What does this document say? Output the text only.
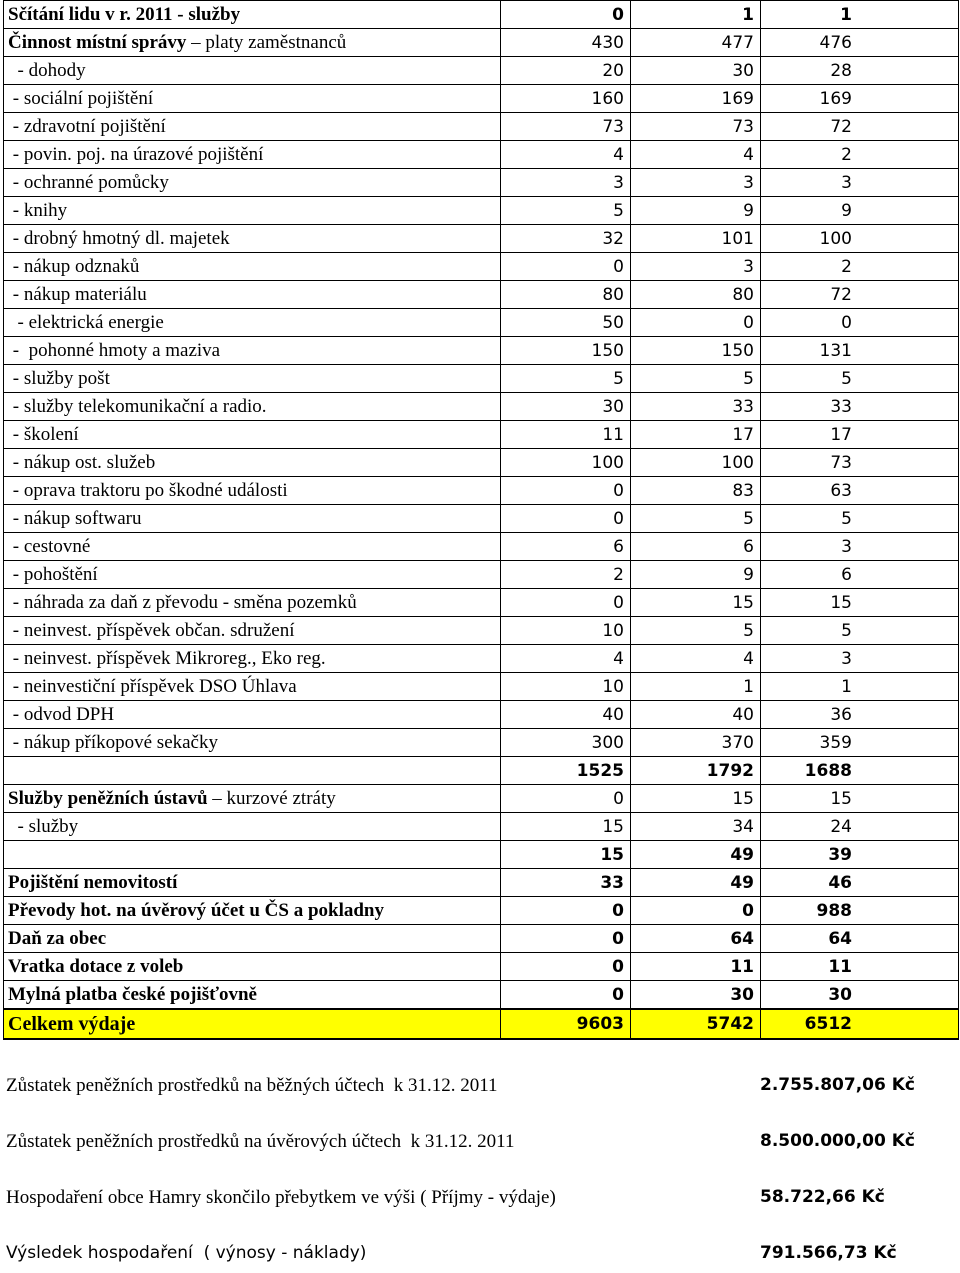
Sčítání lidu v r. 2011 - služby	0	1	1
Činnost místní správy – platy zaměstnanců	430	477	476
- dohody	20	30	28
- sociální pojištění	160	169	169
- zdravotní pojištění	73	73	72
- povin. poj. na úrazové pojištění	4	4	2
- ochranné pomůcky	3	3	3
- knihy	5	9	9
- drobný hmotný dl. majetek	32	101	100
- nákup odznaků	0	3	2
- nákup materiálu	80	80	72
- elektrická energie	50	0	0
-  pohonné hmoty a maziva	150	150	131
- služby pošt	5	5	5
- služby telekomunikační a radio.	30	33	33
- školení	11	17	17
- nákup ost. služeb	100	100	73
- oprava traktoru po škodné události	0	83	63
- nákup softwaru	0	5	5
- cestovné	6	6	3
- pohoštění	2	9	6
- náhrada za daň z převodu - směna pozemků	0	15	15
- neinvest. příspěvek občan. sdružení	10	5	5
- neinvest. příspěvek Mikroreg., Eko reg.	4	4	3
- neinvestiční příspěvek DSO Úhlava	10	1	1
- odvod DPH	40	40	36
- nákup příkopové sekačky	300	370	359
	1525	1792	1688
Služby peněžních ústavů – kurzové ztráty	0	15	15
- služby	15	34	24
	15	49	39
Pojištění nemovitostí	33	49	46
Převody hot. na úvěrový účet u ČS a pokladny	0	0	988
Daň za obec	0	64	64
Vratka dotace z voleb	0	11	11
Mylná platba české pojišťovně	0	30	30
Celkem výdaje	9603	5742	6512
Zůstatek peněžních prostředků na běžných účtech  k 31.12. 2011	2.755.807,06 Kč
Zůstatek peněžních prostředků na úvěrových účtech  k 31.12. 2011	8.500.000,00 Kč
Hospodaření obce Hamry skončilo přebytkem ve výši ( Příjmy - výdaje)	58.722,66 Kč
Výsledek hospodaření  ( výnosy - náklady)	791.566,73 Kč
